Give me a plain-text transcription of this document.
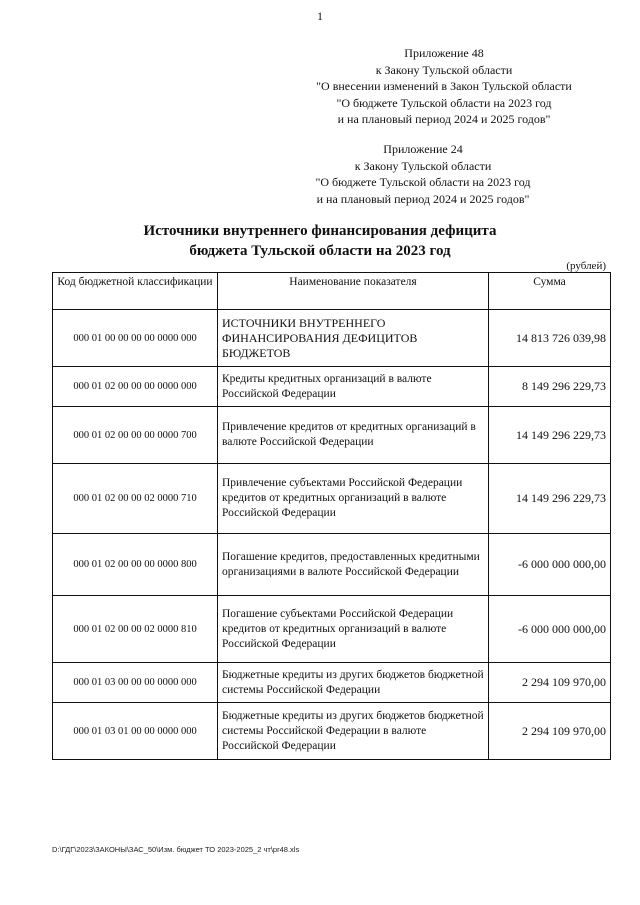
1
Приложение 48
к Закону Тульской области
"О внесении изменений в Закон Тульской области
"О бюджете Тульской области на 2023 год
и на плановый период 2024 и 2025 годов"
Приложение 24
к Закону Тульской области
"О бюджете Тульской области на 2023 год
и на плановый период 2024 и 2025 годов"
Источники внутреннего финансирования дефицита
бюджета Тульской области на 2023 год
(рублей)
Код бюджетной классификации	Наименование показателя	Сумма
000 01 00 00 00 00 0000 000	ИСТОЧНИКИ ВНУТРЕННЕГО ФИНАНСИРОВАНИЯ ДЕФИЦИТОВ БЮДЖЕТОВ	14 813 726 039,98
000 01 02 00 00 00 0000 000	Кредиты кредитных организаций в валюте Российской Федерации	8 149 296 229,73
000 01 02 00 00 00 0000 700	Привлечение кредитов от кредитных организаций в валюте Российской Федерации	14 149 296 229,73
000 01 02 00 00 02 0000 710	Привлечение субъектами Российской Федерации кредитов от кредитных организаций в валюте Российской Федерации	14 149 296 229,73
000 01 02 00 00 00 0000 800	Погашение кредитов, предоставленных кредитными организациями в валюте Российской Федерации	-6 000 000 000,00
000 01 02 00 00 02 0000 810	Погашение субъектами Российской Федерации кредитов от кредитных организаций в валюте Российской Федерации	-6 000 000 000,00
000 01 03 00 00 00 0000 000	Бюджетные кредиты из других бюджетов бюджетной системы Российской Федерации	2 294 109 970,00
000 01 03 01 00 00 0000 000	Бюджетные кредиты из других бюджетов бюджетной системы Российской Федерации в валюте Российской Федерации	2 294 109 970,00
D:\ГДГ\2023\ЗАКОНЫ\ЗАС_50\Изм. бюджет ТО 2023-2025_2 чт\pr48.xls
